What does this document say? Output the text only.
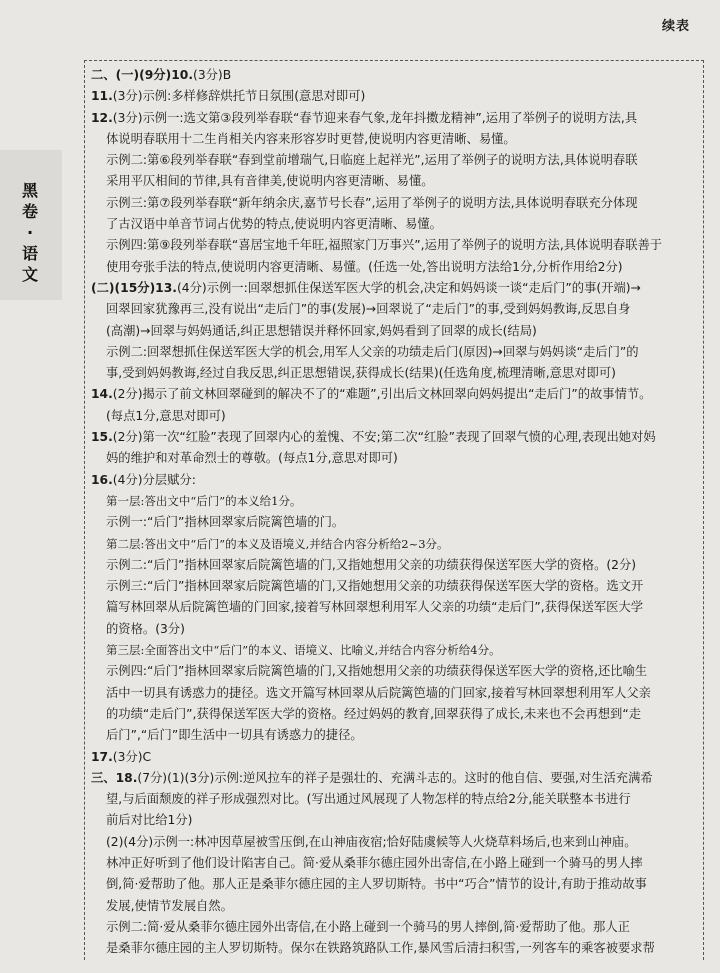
续表
黑卷·语文
二、(一)(9分)10.(3分)B
11.(3分)示例:多样修辞烘托节日氛围(意思对即可)
12.(3分)示例一:选文第③段列举春联“春节迎来春气象,龙年抖擞龙精神”,运用了举例子的说明方法,具
体说明春联用十二生肖相关内容来形容岁时更替,使说明内容更清晰、易懂。
示例二:第⑥段列举春联“春到堂前增瑞气,日临庭上起祥光”,运用了举例子的说明方法,具体说明春联
采用平仄相间的节律,具有音律美,使说明内容更清晰、易懂。
示例三:第⑦段列举春联“新年纳余庆,嘉节号长春”,运用了举例子的说明方法,具体说明春联充分体现
了古汉语中单音节词占优势的特点,使说明内容更清晰、易懂。
示例四:第⑨段列举春联“喜居宝地千年旺,福照家门万事兴”,运用了举例子的说明方法,具体说明春联善于
使用夸张手法的特点,使说明内容更清晰、易懂。(任选一处,答出说明方法给1分,分析作用给2分)
(二)(15分)13.(4分)示例一:回翠想抓住保送军医大学的机会,决定和妈妈谈一谈“走后门”的事(开端)→
回翠回家犹豫再三,没有说出“走后门”的事(发展)→回翠说了“走后门”的事,受到妈妈教诲,反思自身
(高潮)→回翠与妈妈通话,纠正思想错误并释怀回家,妈妈看到了回翠的成长(结局)
示例二:回翠想抓住保送军医大学的机会,用军人父亲的功绩走后门(原因)→回翠与妈妈谈“走后门”的
事,受到妈妈教诲,经过自我反思,纠正思想错误,获得成长(结果)(任选角度,梳理清晰,意思对即可)
14.(2分)揭示了前文林回翠碰到的解决不了的“难题”,引出后文林回翠向妈妈提出“走后门”的故事情节。
(每点1分,意思对即可)
15.(2分)第一次“红脸”表现了回翠内心的羞愧、不安;第二次“红脸”表现了回翠气愤的心理,表现出她对妈
妈的维护和对革命烈士的尊敬。(每点1分,意思对即可)
16.(4分)分层赋分:
第一层:答出文中“后门”的本义给1分。
示例一:“后门”指林回翠家后院篱笆墙的门。
第二层:答出文中“后门”的本义及语境义,并结合内容分析给2~3分。
示例二:“后门”指林回翠家后院篱笆墙的门,又指她想用父亲的功绩获得保送军医大学的资格。(2分)
示例三:“后门”指林回翠家后院篱笆墙的门,又指她想用父亲的功绩获得保送军医大学的资格。选文开
篇写林回翠从后院篱笆墙的门回家,接着写林回翠想利用军人父亲的功绩“走后门”,获得保送军医大学
的资格。(3分)
第三层:全面答出文中“后门”的本义、语境义、比喻义,并结合内容分析给4分。
示例四:“后门”指林回翠家后院篱笆墙的门,又指她想用父亲的功绩获得保送军医大学的资格,还比喻生
活中一切具有诱惑力的捷径。选文开篇写林回翠从后院篱笆墙的门回家,接着写林回翠想利用军人父亲
的功绩“走后门”,获得保送军医大学的资格。经过妈妈的教育,回翠获得了成长,未来也不会再想到“走
后门”,“后门”即生活中一切具有诱惑力的捷径。
17.(3分)C
三、18.(7分)(1)(3分)示例:逆风拉车的祥子是强壮的、充满斗志的。这时的他自信、要强,对生活充满希
望,与后面颓废的祥子形成强烈对比。(写出通过风展现了人物怎样的特点给2分,能关联整本书进行
前后对比给1分)
(2)(4分)示例一:林冲因草屋被雪压倒,在山神庙夜宿;恰好陆虞候等人火烧草料场后,也来到山神庙。
林冲正好听到了他们设计陷害自己。简·爱从桑菲尔德庄园外出寄信,在小路上碰到一个骑马的男人摔
倒,简·爱帮助了他。那人正是桑菲尔德庄园的主人罗切斯特。书中“巧合”情节的设计,有助于推动故事
发展,使情节发展自然。
示例二:简·爱从桑菲尔德庄园外出寄信,在小路上碰到一个骑马的男人摔倒,简·爱帮助了他。那人正
是桑菲尔德庄园的主人罗切斯特。保尔在铁路筑路队工作,暴风雪后清扫积雪,一列客车的乘客被要求帮
